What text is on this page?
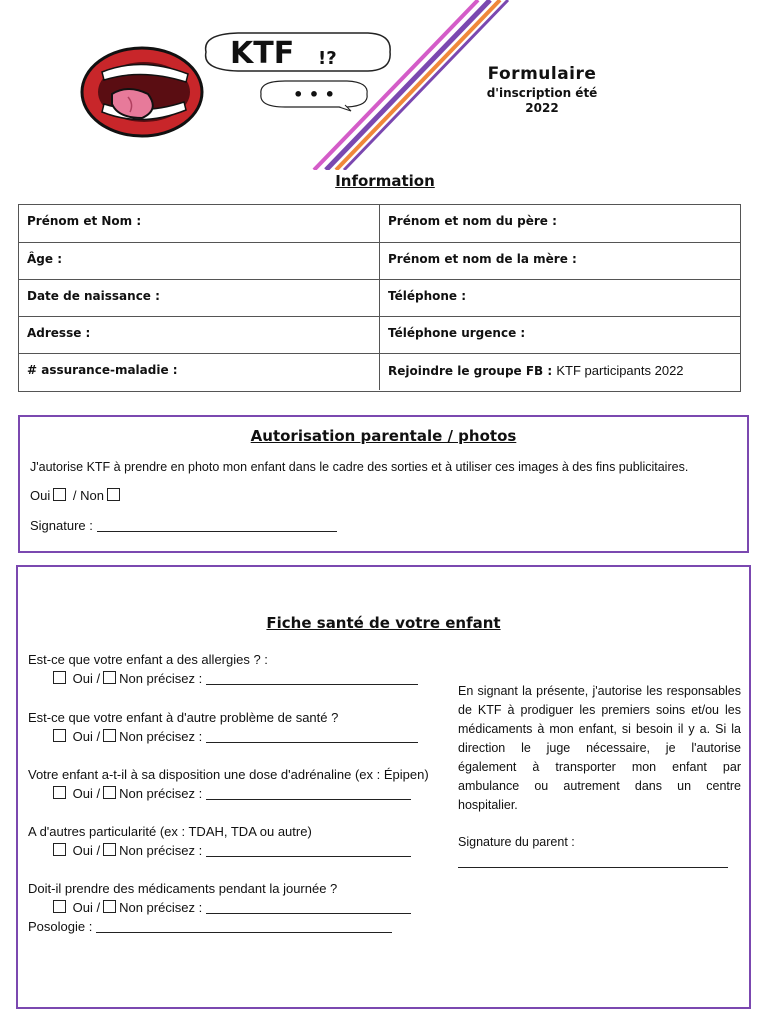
KTF !?
• • •
Formulaire
d'inscription été
2022
Information
Prénom et Nom :	Prénom et nom du père :
Âge :	Prénom et nom de la mère :
Date de naissance :	Téléphone :
Adresse :	Téléphone urgence :
# assurance-maladie :	Rejoindre le groupe FB : KTF participants 2022
Autorisation parentale / photos
J'autorise KTF à prendre en photo mon enfant dans le cadre des sorties et à utiliser ces images à des fins publicitaires.
Oui / Non
Signature :
Fiche santé de votre enfant
Est-ce que votre enfant a des allergies ? :
Oui / Non précisez :
Est-ce que votre enfant à d'autre problème de santé ?
Oui / Non précisez :
Votre enfant a-t-il à sa disposition une dose d'adrénaline (ex : Épipen)
Oui / Non précisez :
A d'autres particularité (ex : TDAH, TDA ou autre)
Oui / Non précisez :
Doit-il prendre des médicaments pendant la journée ?
Oui / Non précisez :
Posologie :
En signant la présente, j'autorise les responsables de KTF à prodiguer les premiers soins et/ou les médicaments à mon enfant, si besoin il y a. Si la direction le juge nécessaire, je l'autorise également à transporter mon enfant par ambulance ou autrement dans un centre hospitalier.
Signature du parent :
